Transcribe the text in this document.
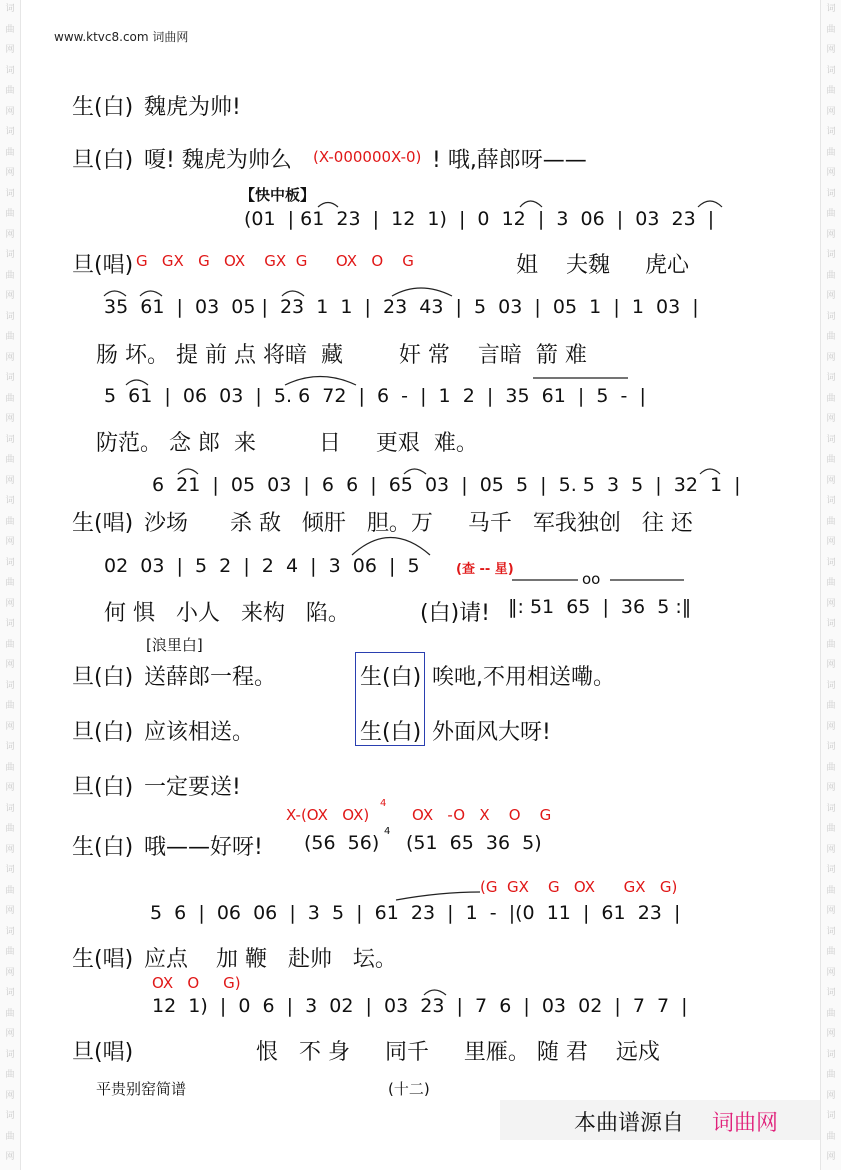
词
曲
网
词
曲
网
词
曲
网
词
曲
网
词
曲
网
词
曲
网
词
曲
网
词
曲
网
词
曲
网
词
曲
网
词
曲
网
词
曲
网
词
曲
网
词
曲
网
词
曲
网
词
曲
网
词
曲
网
词
曲
网
词
曲
网
词
曲
网
词
曲
网
词
曲
网
词
曲
网
词
曲
网
词
曲
网
词
曲
网
词
曲
网
词
曲
网
词
曲
网
词
曲
网
词
曲
网
词
曲
网
词
曲
网
词
曲
网
词
曲
网
词
曲
网
词
曲
网
词
曲
网
www.ktvc8.com 词曲网
生(白) 魏虎为帅!
旦(白) 嗄! 魏虎为帅么 (X-000000X-0) ! 哦,薛郎呀——
【快中板】
(01  | 61  23  |  12  1)  |  0  12  |  3  06  |  03  23  |
旦(唱) G   GX   G   OX    GX  G      OX   O    G	姐    夫魏     虎心
35  61  |  03  05 |  23  1  1  |  23  43  |  5  03  |  05  1  |  1  03  |
肠 坏。 提 前 点 将暗  藏        奸 常    言暗  箭 难
5  61  |  06  03  |  5. 6  72  |  6  -  |  1  2  |  35  61  |  5  -  |
防范。 念 郎  来         日     更艰  难。
6  21  |  05  03  |  6  6  |  65  03  |  05  5  |  5. 5  3  5  |  32  1  |
生(唱) 沙场      杀 敌   倾肝   胆。万     马千   军我独创   往 还
02  03  |  5  2  |  2  4  |  3  06  |  5	(查 -- 星)
何 惧   小人   来构   陷。	(白)请! ‖: 51  65  |  36  5 :‖
oo
[浪里白]
旦(白) 送薛郎一程。	生(白) 唉吔,不用相送嘞。
旦(白) 应该相送。	生(白) 外面风大呀!
旦(白) 一定要送!
X-(OX   OX)
4
OX   -O   X    O    G
生(白) 哦——好呀! (56  56)
4
(51  65  36  5)
(G  GX    G   OX      GX   G)
5  6  |  06  06  |  3  5  |  61  23  |  1  -  |(0  11  |  61  23  |
生(唱) 应点    加 鞭   赴帅   坛。
OX   O     G)
12  1)  |  0  6  |  3  02  |  03  23  |  7  6  |  03  02  |  7  7  |
旦(唱)	恨   不 身     同千     里雁。 随 君    远戍
平贵别窑简谱	(十二)
本曲谱源自 词曲网
